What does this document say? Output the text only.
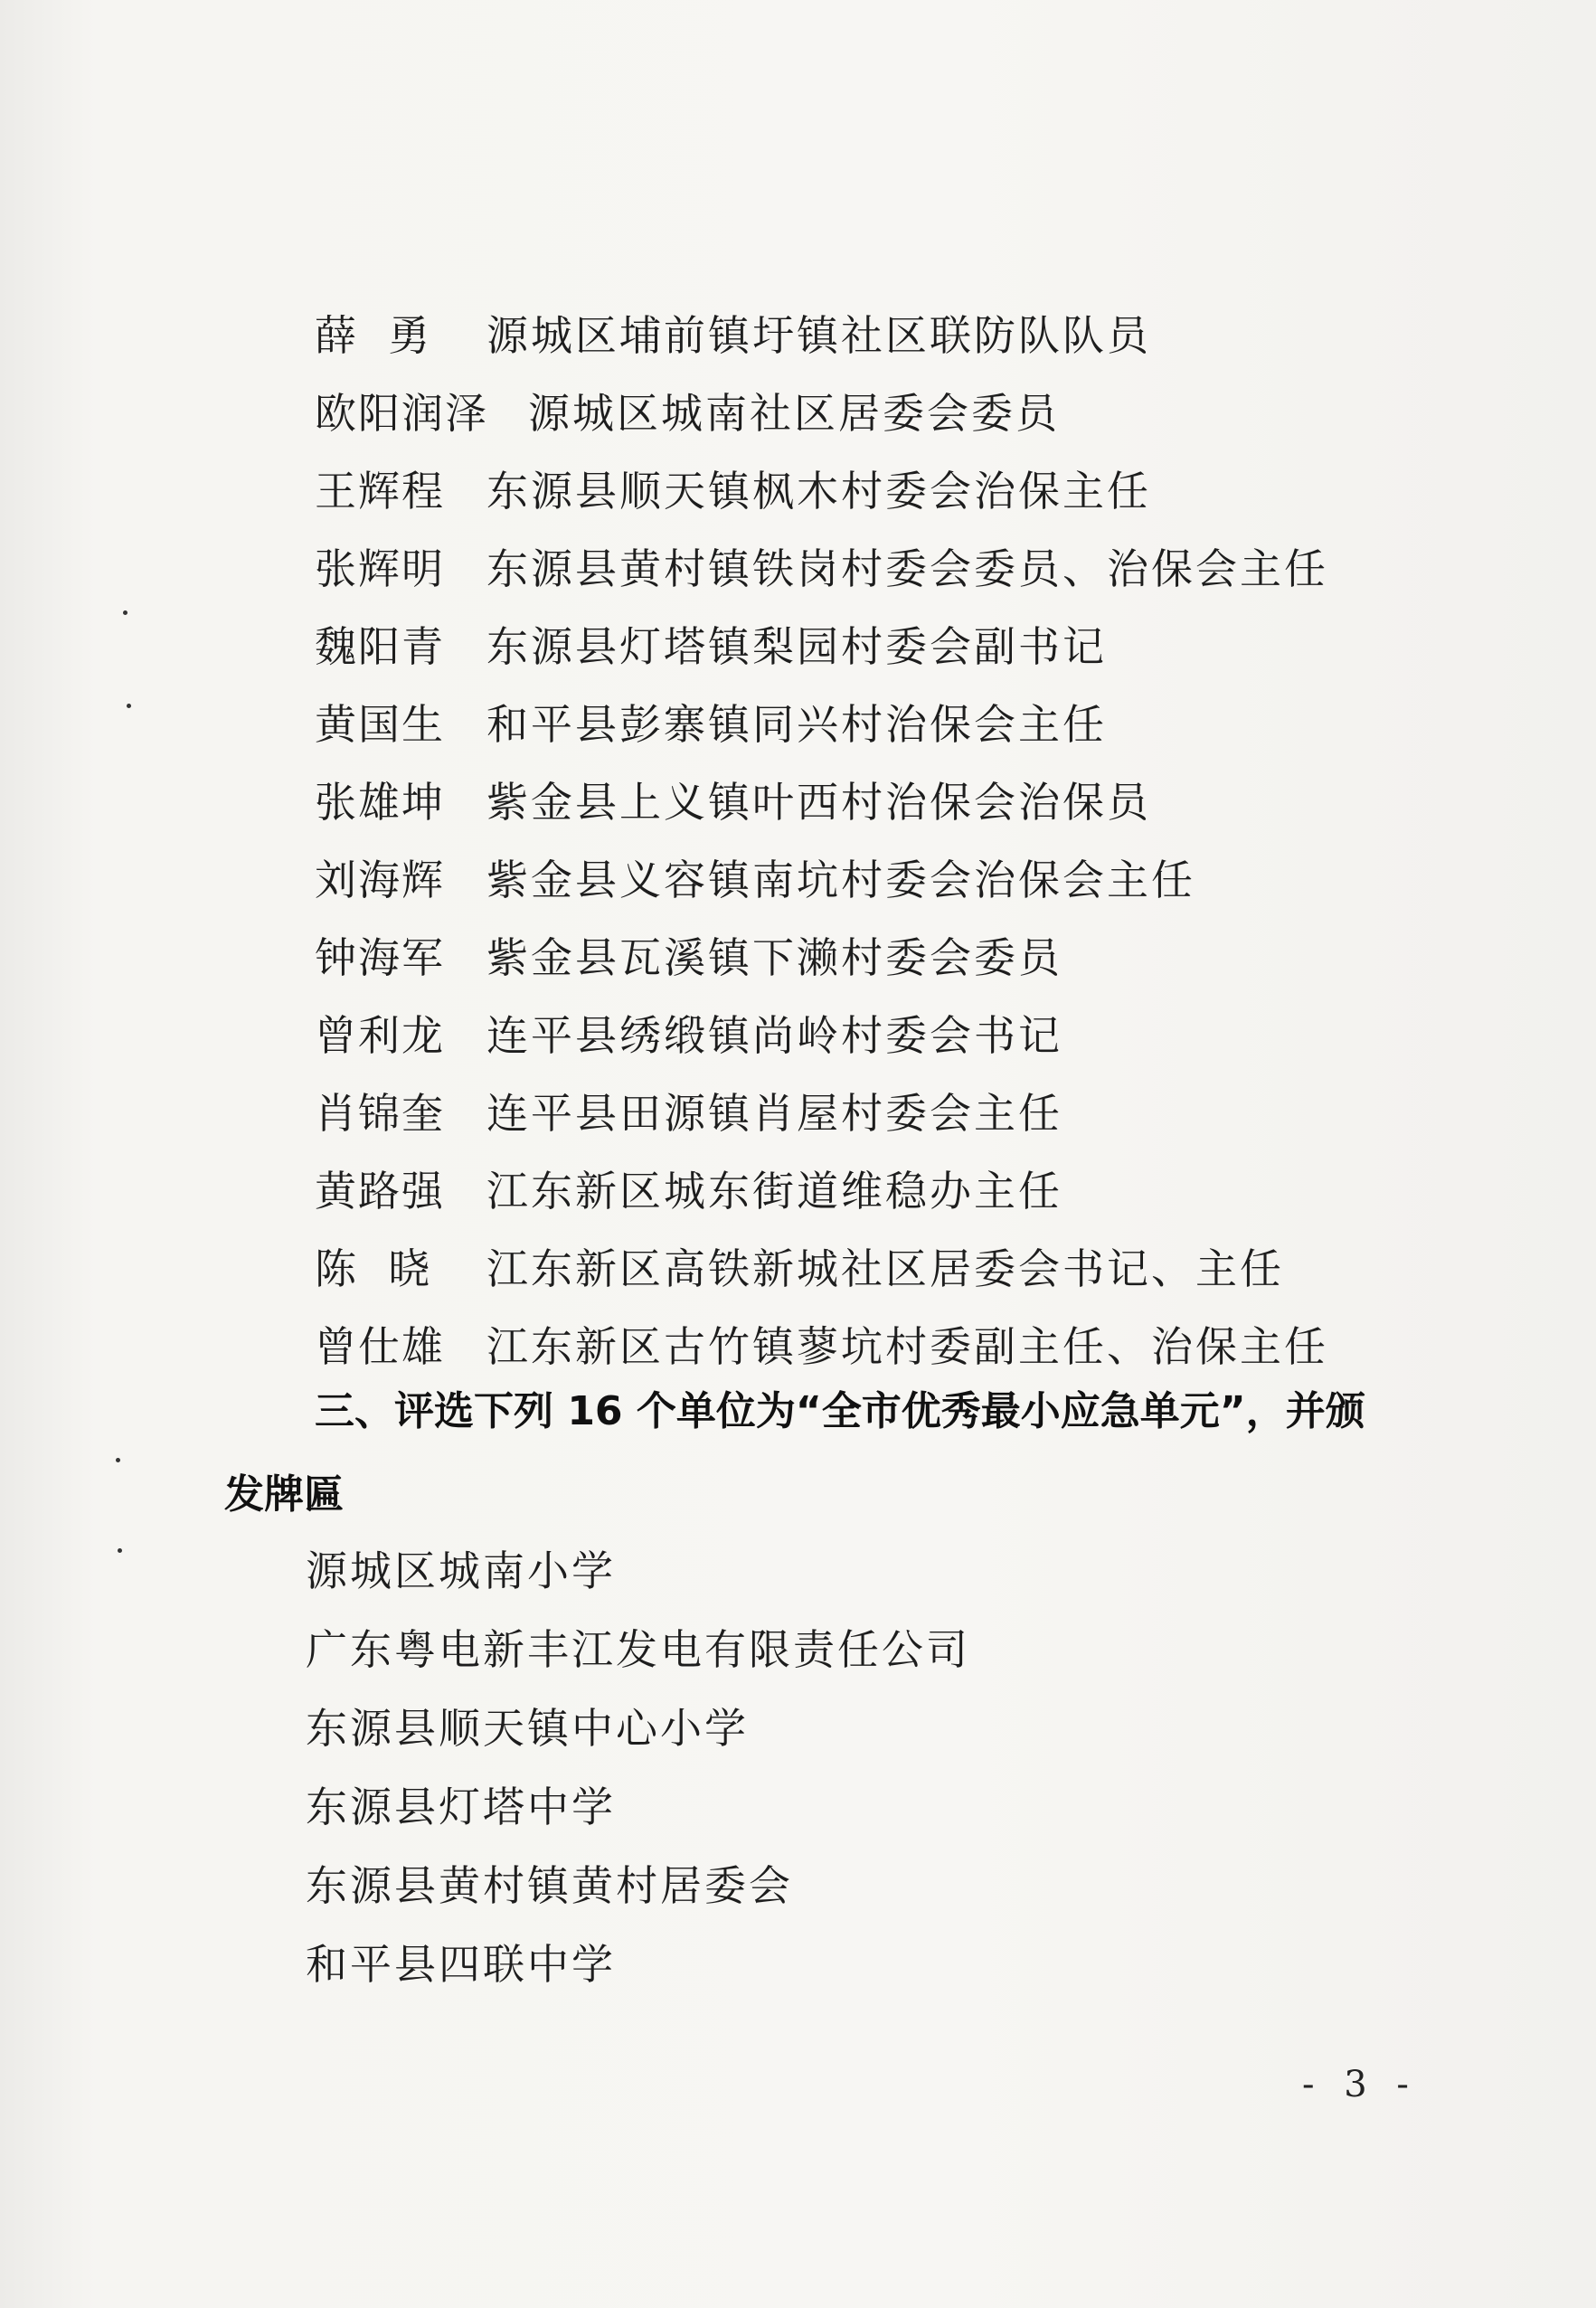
薛  勇	源城区埔前镇圩镇社区联防队队员
欧阳润泽 源城区城南社区居委会委员
王辉程	东源县顺天镇枫木村委会治保主任
张辉明	东源县黄村镇铁岗村委会委员、治保会主任
魏阳青	东源县灯塔镇梨园村委会副书记
黄国生	和平县彭寨镇同兴村治保会主任
张雄坤	紫金县上义镇叶西村治保会治保员
刘海辉	紫金县义容镇南坑村委会治保会主任
钟海军	紫金县瓦溪镇下濑村委会委员
曾利龙	连平县绣缎镇尚岭村委会书记
肖锦奎	连平县田源镇肖屋村委会主任
黄路强	江东新区城东街道维稳办主任
陈  晓	江东新区高铁新城社区居委会书记、主任
曾仕雄	江东新区古竹镇蓼坑村委副主任、治保主任
三、评选下列 16 个单位为“全市优秀最小应急单元”，并颁发牌匾
源城区城南小学
广东粤电新丰江发电有限责任公司
东源县顺天镇中心小学
东源县灯塔中学
东源县黄村镇黄村居委会
和平县四联中学
- 3 -
